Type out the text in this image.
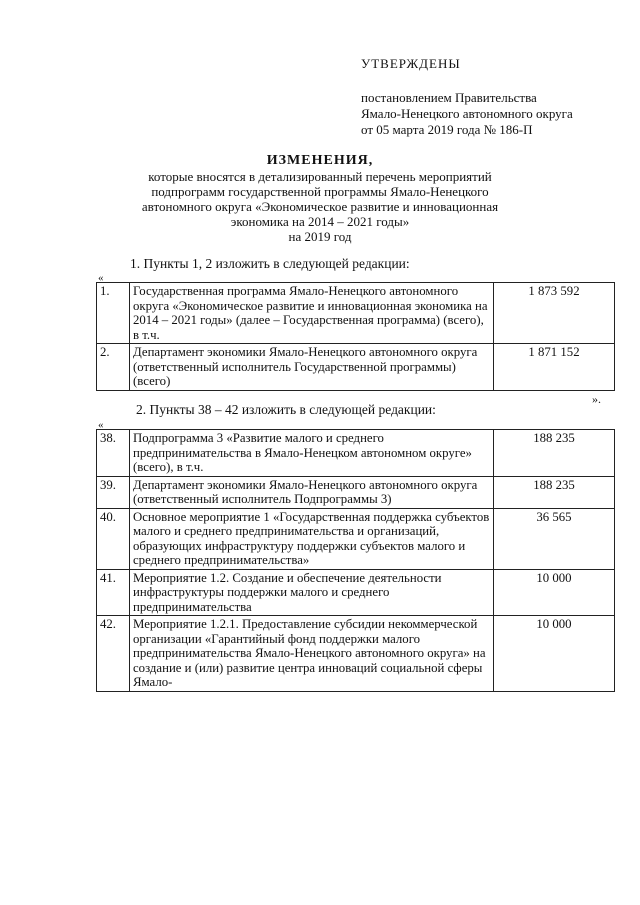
УТВЕРЖДЕНЫ
постановлением Правительства
Ямало-Ненецкого автономного округа
от 05 марта 2019 года № 186-П
ИЗМЕНЕНИЯ,
которые вносятся в детализированный перечень мероприятий
подпрограмм государственной программы Ямало-Ненецкого
автономного округа «Экономическое развитие и инновационная
экономика на 2014 – 2021 годы»
на 2019 год
1. Пункты 1, 2 изложить в следующей редакции:
«
1.	Государственная программа Ямало-Ненецкого автономного округа «Экономическое развитие и инновационная экономика на 2014 – 2021 годы» (далее – Государственная программа) (всего), в т.ч.	1 873 592
2.	Департамент экономики Ямало-Ненецкого автономного округа (ответственный исполнитель Государственной программы) (всего)	1 871 152
».
2. Пункты 38 – 42 изложить в следующей редакции:
«
38.	Подпрограмма 3 «Развитие малого и среднего предпринимательства в Ямало-Ненецком автономном округе» (всего), в т.ч.	188 235
39.	Департамент экономики Ямало-Ненецкого автономного округа (ответственный исполнитель Подпрограммы 3)	188 235
40.	Основное мероприятие 1 «Государственная поддержка субъектов малого и среднего предпринимательства и организаций, образующих инфраструктуру поддержки субъектов малого и среднего предпринимательства»	36 565
41.	Мероприятие 1.2. Создание и обеспечение деятельности инфраструктуры поддержки малого и среднего предпринимательства	10 000
42.	Мероприятие 1.2.1. Предоставление субсидии некоммерческой организации «Гарантийный фонд поддержки малого предпринимательства Ямало-Ненецкого автономного округа» на создание и (или) развитие центра инноваций социальной сферы Ямало-	10 000
